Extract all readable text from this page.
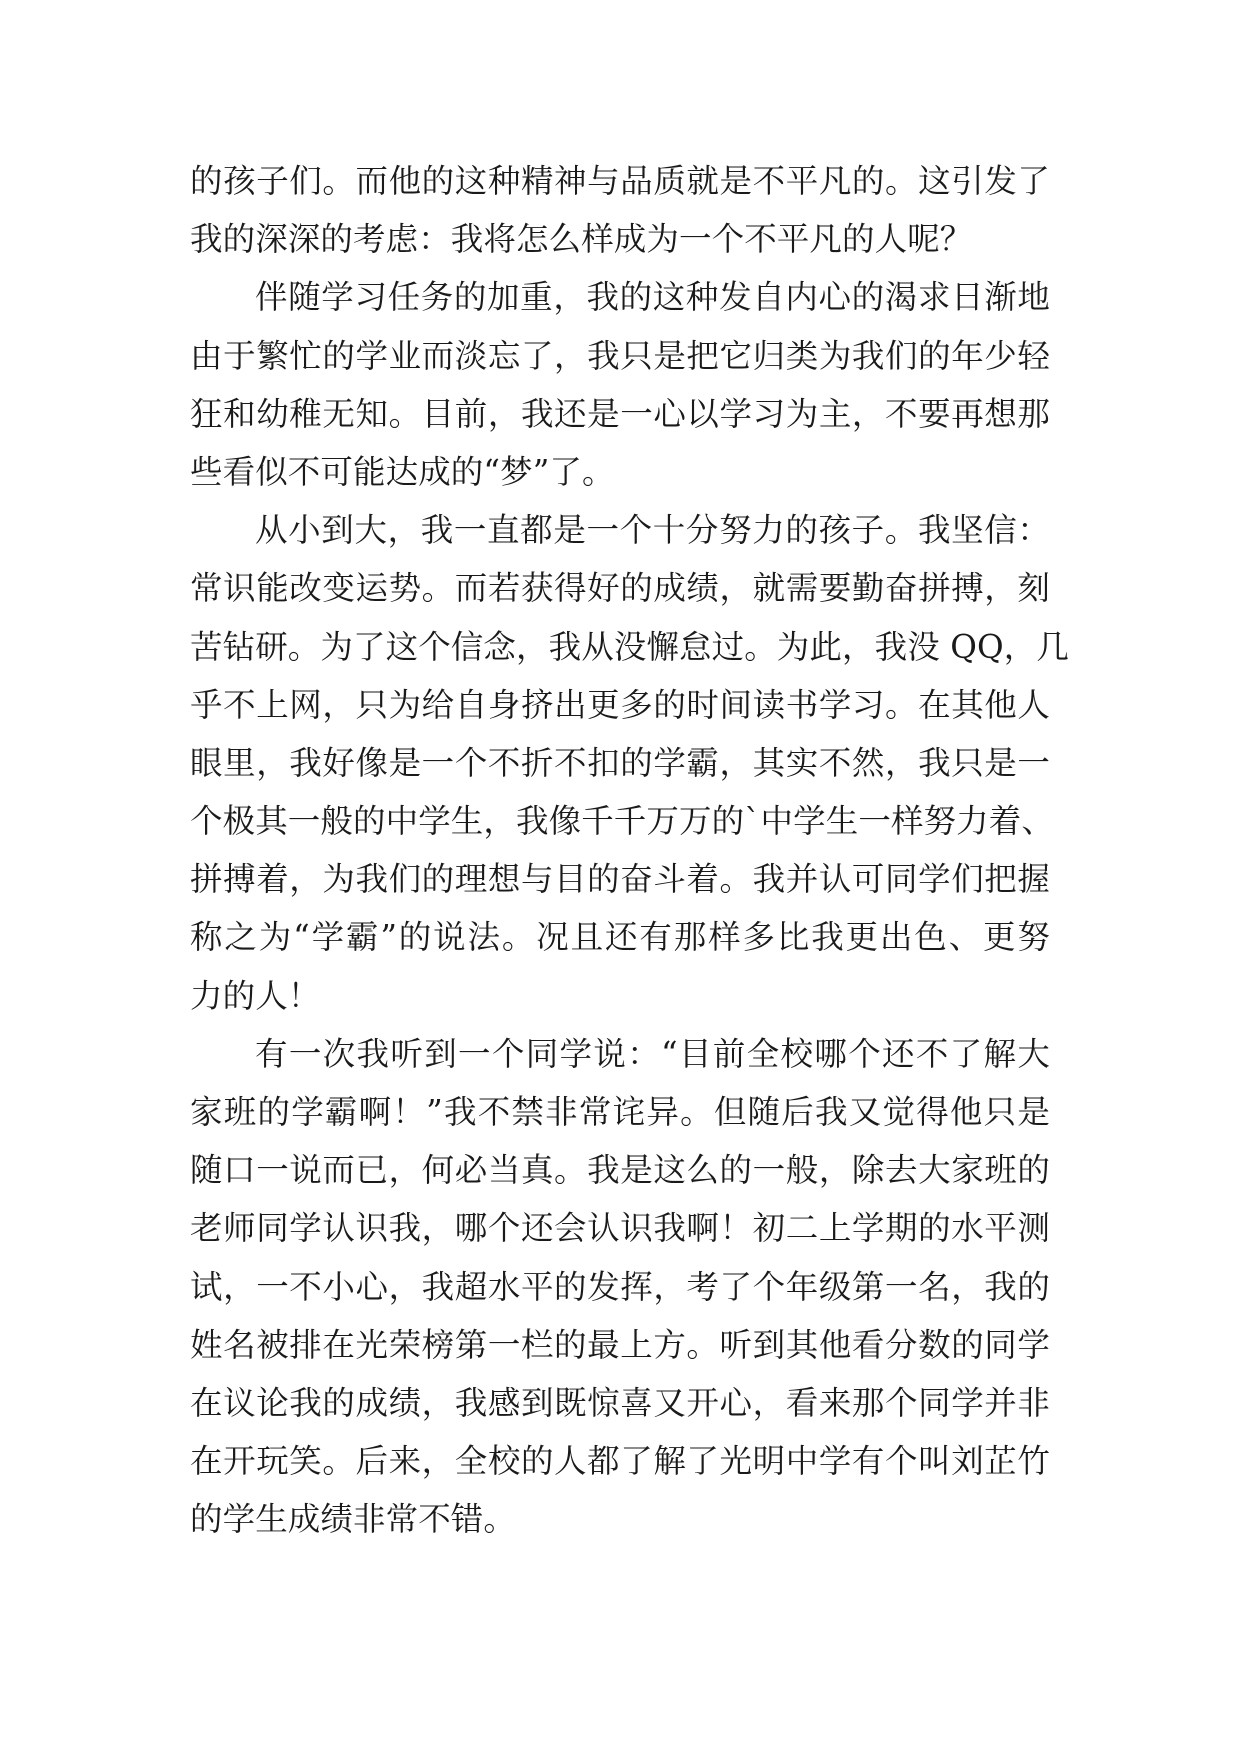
的孩子们。而他的这种精神与品质就是不平凡的。这引发了
我的深深的考虑：我将怎么样成为一个不平凡的人呢？
伴随学习任务的加重，我的这种发自内心的渴求日渐地
由于繁忙的学业而淡忘了，我只是把它归类为我们的年少轻
狂和幼稚无知。目前，我还是一心以学习为主，不要再想那
些看似不可能达成的“梦”了。
从小到大，我一直都是一个十分努力的孩子。我坚信：
常识能改变运势。而若获得好的成绩，就需要勤奋拼搏，刻
苦钻研。为了这个信念，我从没懈怠过。为此，我没 QQ，几
乎不上网，只为给自身挤出更多的时间读书学习。在其他人
眼里，我好像是一个不折不扣的学霸，其实不然，我只是一
个极其一般的中学生，我像千千万万的`中学生一样努力着、
拼搏着，为我们的理想与目的奋斗着。我并认可同学们把握
称之为“学霸”的说法。况且还有那样多比我更出色、更努
力的人！
有一次我听到一个同学说：“目前全校哪个还不了解大
家班的学霸啊！”我不禁非常诧异。但随后我又觉得他只是
随口一说而已，何必当真。我是这么的一般，除去大家班的
老师同学认识我，哪个还会认识我啊！初二上学期的水平测
试，一不小心，我超水平的发挥，考了个年级第一名，我的
姓名被排在光荣榜第一栏的最上方。听到其他看分数的同学
在议论我的成绩，我感到既惊喜又开心，看来那个同学并非
在开玩笑。后来，全校的人都了解了光明中学有个叫刘芷竹
的学生成绩非常不错。
